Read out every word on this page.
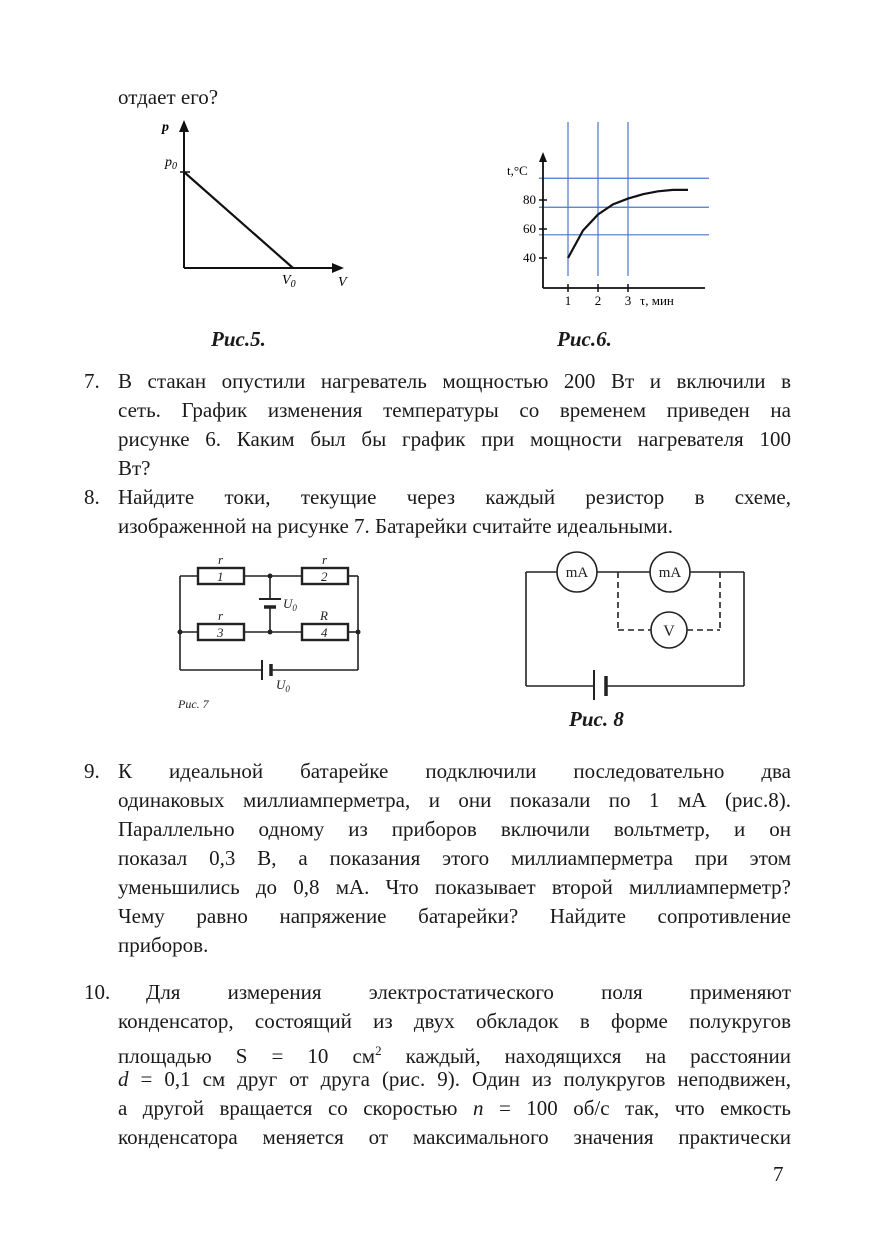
отдает его?

p
V
$p_0$
$V_0$
Рис.5.
1 2 3
40
60
80
t,°C
τ, мин
Рис.6.
7. В стакан опустили нагреватель мощностью 200 Вт и включили в
сеть. График изменения температуры со временем приведен на
рисунке 6. Каким был бы график при мощности нагревателя 100
Вт?

8. Найдите токи, текущие через каждый резистор в схеме,
изображенной на рисунке 7. Батарейки считайте идеальными.

r	r
r	R
1	2
3	4
$U_0$
$U_0$
Рис. 7
mA	mA
V
Рис. 8
9. К идеальной батарейке подключили последовательно два
одинаковых миллиамперметра, и они показали по 1 мА (рис.8).
Параллельно одному из приборов включили вольтметр, и он
показал 0,3 В, а показания этого миллиамперметра при этом
уменьшились до 0,8 мА. Что показывает второй миллиамперметр?
Чему равно напряжение батарейки? Найдите сопротивление
приборов.

10. Для измерения электростатического поля применяют

конденсатор, состоящий из двух обкладок в форме полукругов
площадью S = 10 $см^2$ каждый, находящихся на расстоянии
d = 0,1 см друг от друга (рис. 9). Один из полукругов неподвижен,
а другой вращается со скоростью n = 100 об/с так, что емкость
конденсатора меняется от максимального значения практически

7
